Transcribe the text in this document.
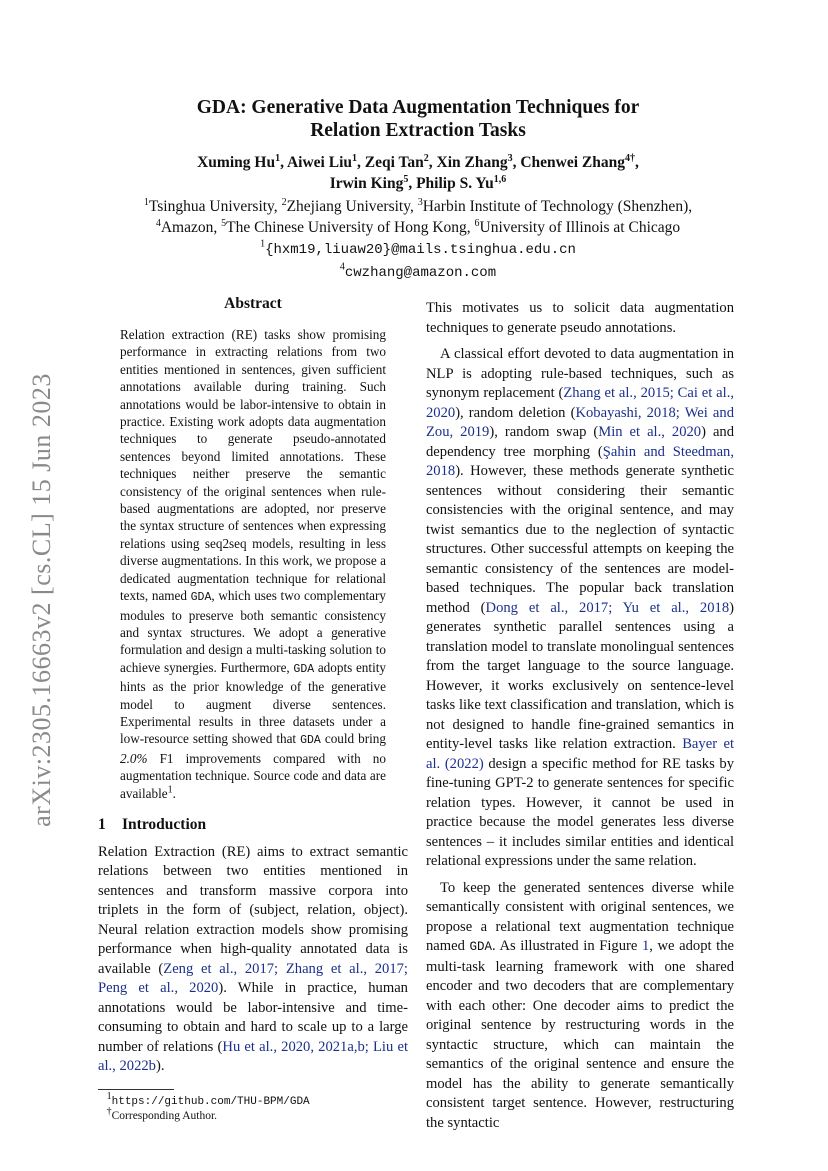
arXiv:2305.16663v2 [cs.CL] 15 Jun 2023
GDA: Generative Data Augmentation Techniques for
Relation Extraction Tasks
Xuming Hu$^1$, Aiwei Liu$^1$, Zeqi Tan$^2$, Xin Zhang$^3$, Chenwei Zhang$^{4\dagger}$,
Irwin King$^5$, Philip S. Yu$^{1,6}$
$^1$Tsinghua University, $^2$Zhejiang University, $^3$Harbin Institute of Technology (Shenzhen),
$^4$Amazon, $^5$The Chinese University of Hong Kong, $^6$University of Illinois at Chicago
$^1${hxm19,liuaw20}@mails.tsinghua.edu.cn
$^4$cwzhang@amazon.com
Abstract
Relation extraction (RE) tasks show promising performance in extracting relations from two entities mentioned in sentences, given sufficient annotations available during training. Such annotations would be labor-intensive to obtain in practice. Existing work adopts data augmentation techniques to generate pseudo-annotated sentences beyond limited annotations. These techniques neither preserve the semantic consistency of the original sentences when rule-based augmentations are adopted, nor preserve the syntax structure of sentences when expressing relations using seq2seq models, resulting in less diverse augmentations. In this work, we propose a dedicated augmentation technique for relational texts, named GDA, which uses two complementary modules to preserve both semantic consistency and syntax structures. We adopt a generative formulation and design a multi-tasking solution to achieve synergies. Furthermore, GDA adopts entity hints as the prior knowledge of the generative model to augment diverse sentences. Experimental results in three datasets under a low-resource setting showed that GDA could bring 2.0% F1 improvements compared with no augmentation technique. Source code and data are available$^1$.
1 Introduction

Relation Extraction (RE) aims to extract semantic relations between two entities mentioned in sentences and transform massive corpora into triplets in the form of (subject, relation, object). Neural relation extraction models show promising performance when high-quality annotated data is available (Zeng et al., 2017; Zhang et al., 2017; Peng et al., 2020). While in practice, human annotations would be labor-intensive and time-consuming to obtain and hard to scale up to a large number of relations (Hu et al., 2020, 2021a,b; Liu et al., 2022b).

$^1$https://github.com/THU-BPM/GDA
†Corresponding Author.

This motivates us to solicit data augmentation techniques to generate pseudo annotations.

A classical effort devoted to data augmentation in NLP is adopting rule-based techniques, such as synonym replacement (Zhang et al., 2015; Cai et al., 2020), random deletion (Kobayashi, 2018; Wei and Zou, 2019), random swap (Min et al., 2020) and dependency tree morphing (Şahin and Steedman, 2018). However, these methods generate synthetic sentences without considering their semantic consistencies with the original sentence, and may twist semantics due to the neglection of syntactic structures. Other successful attempts on keeping the semantic consistency of the sentences are model-based techniques. The popular back translation method (Dong et al., 2017; Yu et al., 2018) generates synthetic parallel sentences using a translation model to translate monolingual sentences from the target language to the source language. However, it works exclusively on sentence-level tasks like text classification and translation, which is not designed to handle fine-grained semantics in entity-level tasks like relation extraction. Bayer et al. (2022) design a specific method for RE tasks by fine-tuning GPT-2 to generate sentences for specific relation types. However, it cannot be used in practice because the model generates less diverse sentences – it includes similar entities and identical relational expressions under the same relation.

To keep the generated sentences diverse while semantically consistent with original sentences, we propose a relational text augmentation technique named GDA. As illustrated in Figure 1, we adopt the multi-task learning framework with one shared encoder and two decoders that are complementary with each other: One decoder aims to predict the original sentence by restructuring words in the syntactic structure, which can maintain the semantics of the original sentence and ensure the model has the ability to generate semantically consistent target sentence. However, restructuring the syntactic
